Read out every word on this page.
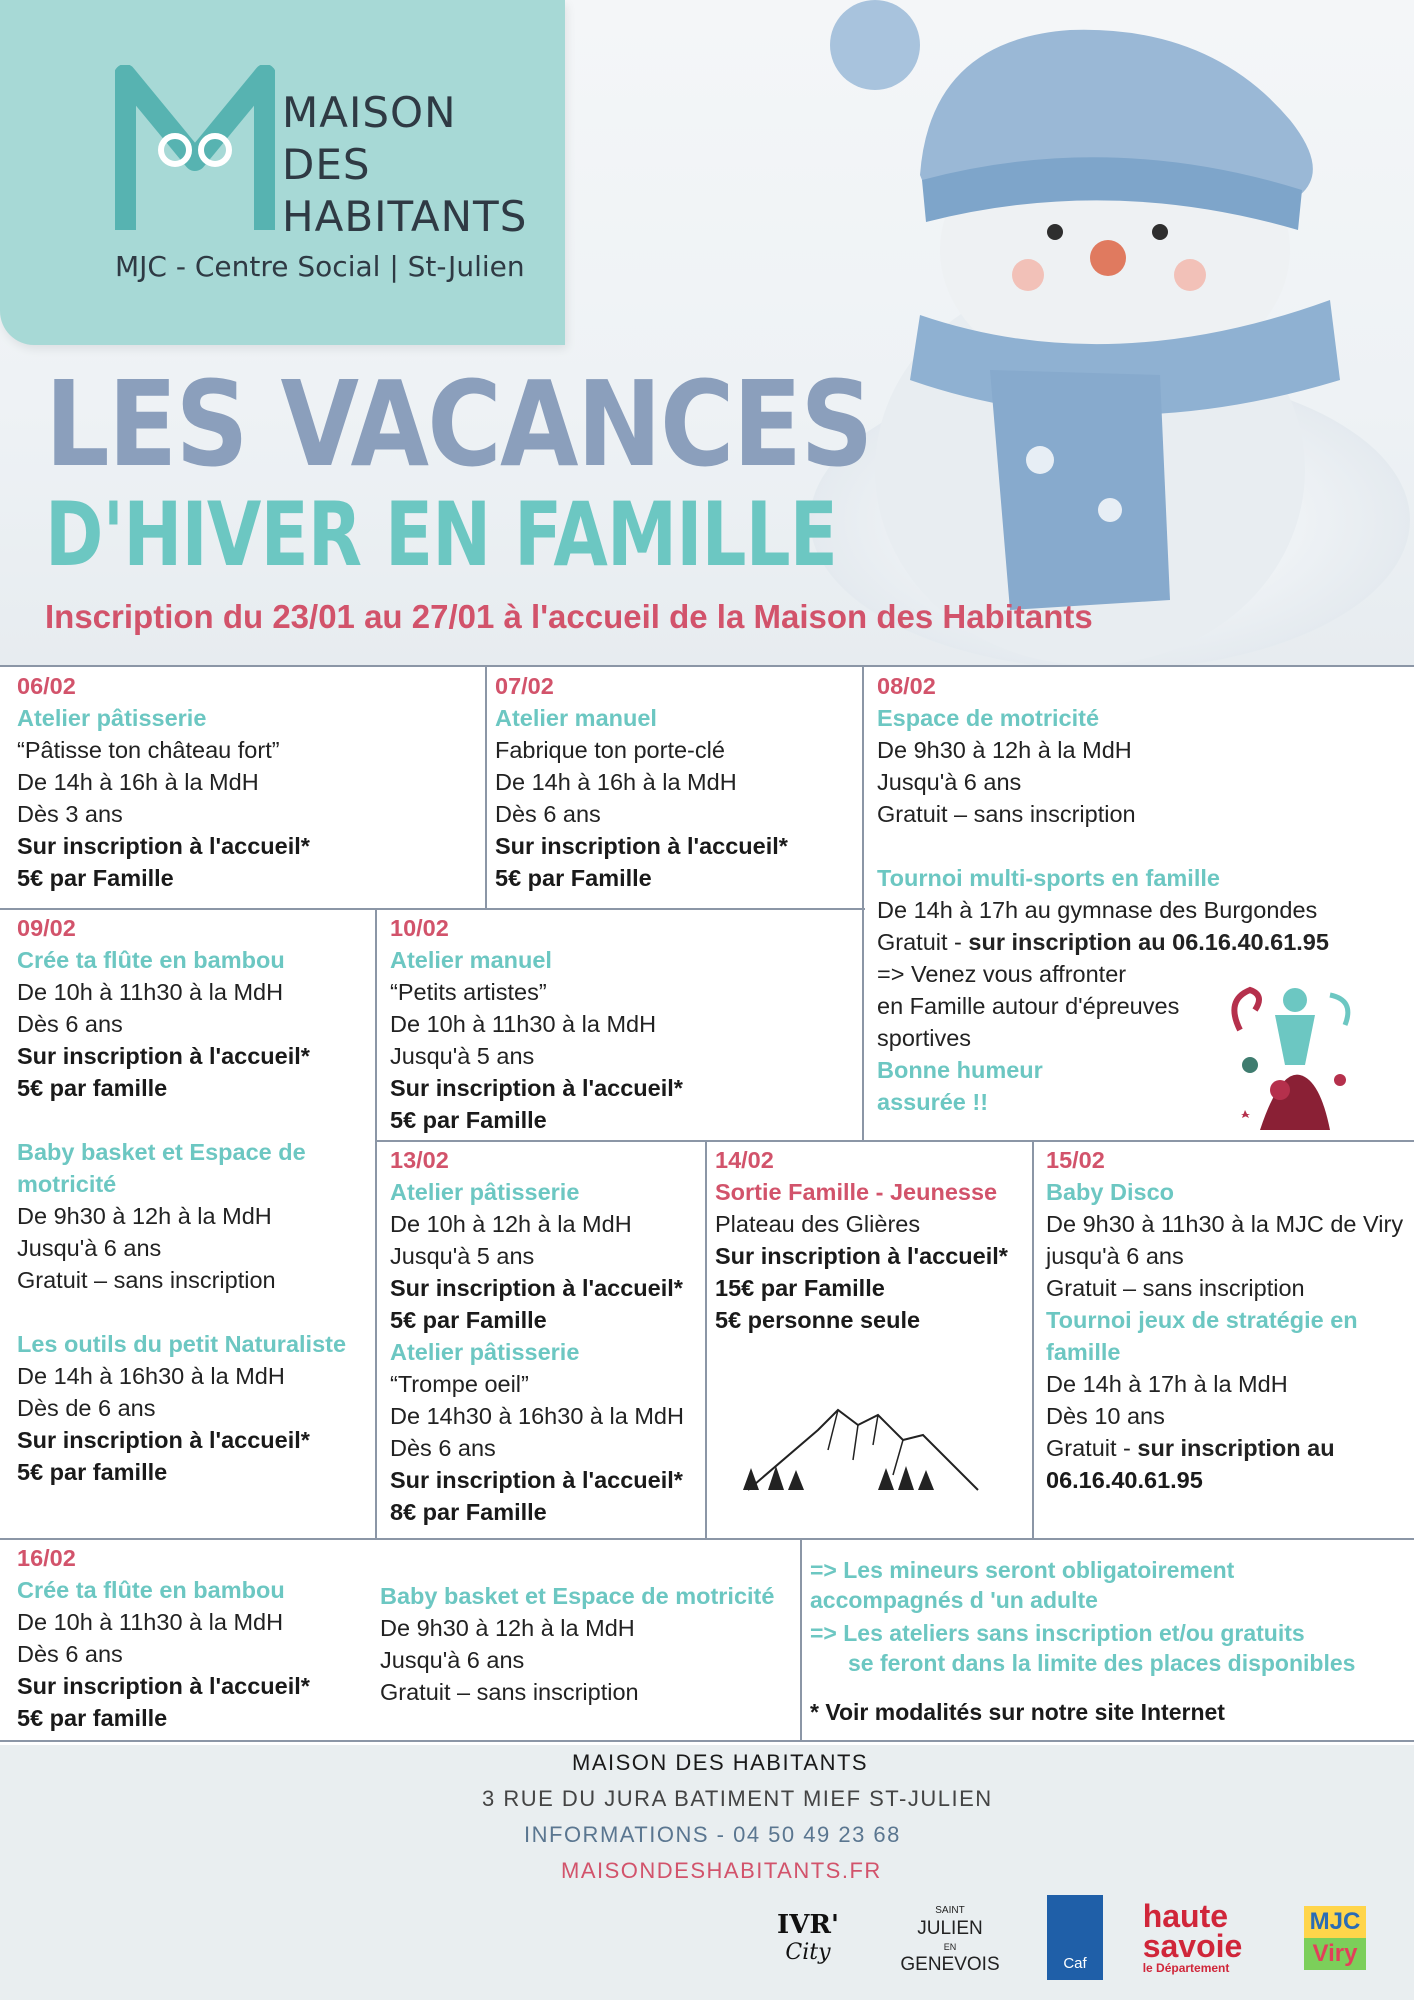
MAISON
DES
HABITANTS
MJC - Centre Social | St-Julien
LES VACANCES
D'HIVER EN FAMILLE
Inscription du 23/01 au 27/01 à l'accueil de la Maison des Habitants
06/02
Atelier pâtisserie
“Pâtisse ton château fort”
De 14h à 16h à la MdH
Dès 3 ans
Sur inscription à l'accueil*
5€ par Famille
07/02
Atelier manuel
Fabrique ton porte-clé
De 14h à 16h à la MdH
Dès 6 ans
Sur inscription à l'accueil*
5€ par Famille
08/02
Espace de motricité
De 9h30 à 12h à la MdH
Jusqu'à 6 ans
Gratuit – sans inscription
Tournoi multi-sports en famille
De 14h à 17h au gymnase des Burgondes
Gratuit - sur inscription au 06.16.40.61.95
=> Venez vous affronter
en Famille autour d'épreuves
sportives
Bonne humeur
assurée !!
09/02
Crée ta flûte en bambou
De 10h à 11h30 à la MdH
Dès 6 ans
Sur inscription à l'accueil*
5€ par famille
Baby basket et Espace de
motricité
De 9h30 à 12h à la MdH
Jusqu'à 6 ans
Gratuit – sans inscription
Les outils du petit Naturaliste
De 14h à 16h30 à la MdH
Dès de 6 ans
Sur inscription à l'accueil*
5€ par famille
10/02
Atelier manuel
“Petits artistes”
De 10h à 11h30 à la MdH
Jusqu'à 5 ans
Sur inscription à l'accueil*
5€ par Famille
13/02
Atelier pâtisserie
De 10h à 12h à la MdH
Jusqu'à 5 ans
Sur inscription à l'accueil*
5€ par Famille
Atelier pâtisserie
“Trompe oeil”
De 14h30 à 16h30 à la MdH
Dès 6 ans
Sur inscription à l'accueil*
8€ par Famille
14/02
Sortie Famille - Jeunesse
Plateau des Glières
Sur inscription à l'accueil*
15€ par Famille
5€ personne seule
15/02
Baby Disco
De 9h30 à 11h30 à la MJC de Viry
jusqu'à 6 ans
Gratuit – sans inscription
Tournoi jeux de stratégie en
famille
De 14h à 17h à la MdH
Dès 10 ans
Gratuit - sur inscription au
06.16.40.61.95
16/02
Crée ta flûte en bambou
De 10h à 11h30 à la MdH
Dès 6 ans
Sur inscription à l'accueil*
5€ par famille
Baby basket et Espace de motricité
De 9h30 à 12h à la MdH
Jusqu'à 6 ans
Gratuit – sans inscription
=> Les mineurs seront obligatoirement
accompagnés d 'un adulte
=> Les ateliers sans inscription et/ou gratuits
se feront dans la limite des places disponibles
* Voir modalités sur notre site Internet
MAISON DES HABITANTS
3 RUE DU JURA BATIMENT MIEF ST-JULIEN
INFORMATIONS - 04 50 49 23 68
MAISONDESHABITANTS.FR
IVR'
City
SAINT
JULIEN
EN
GENEVOIS	Caf
haute
savoie
le Département
MJC
Viry
